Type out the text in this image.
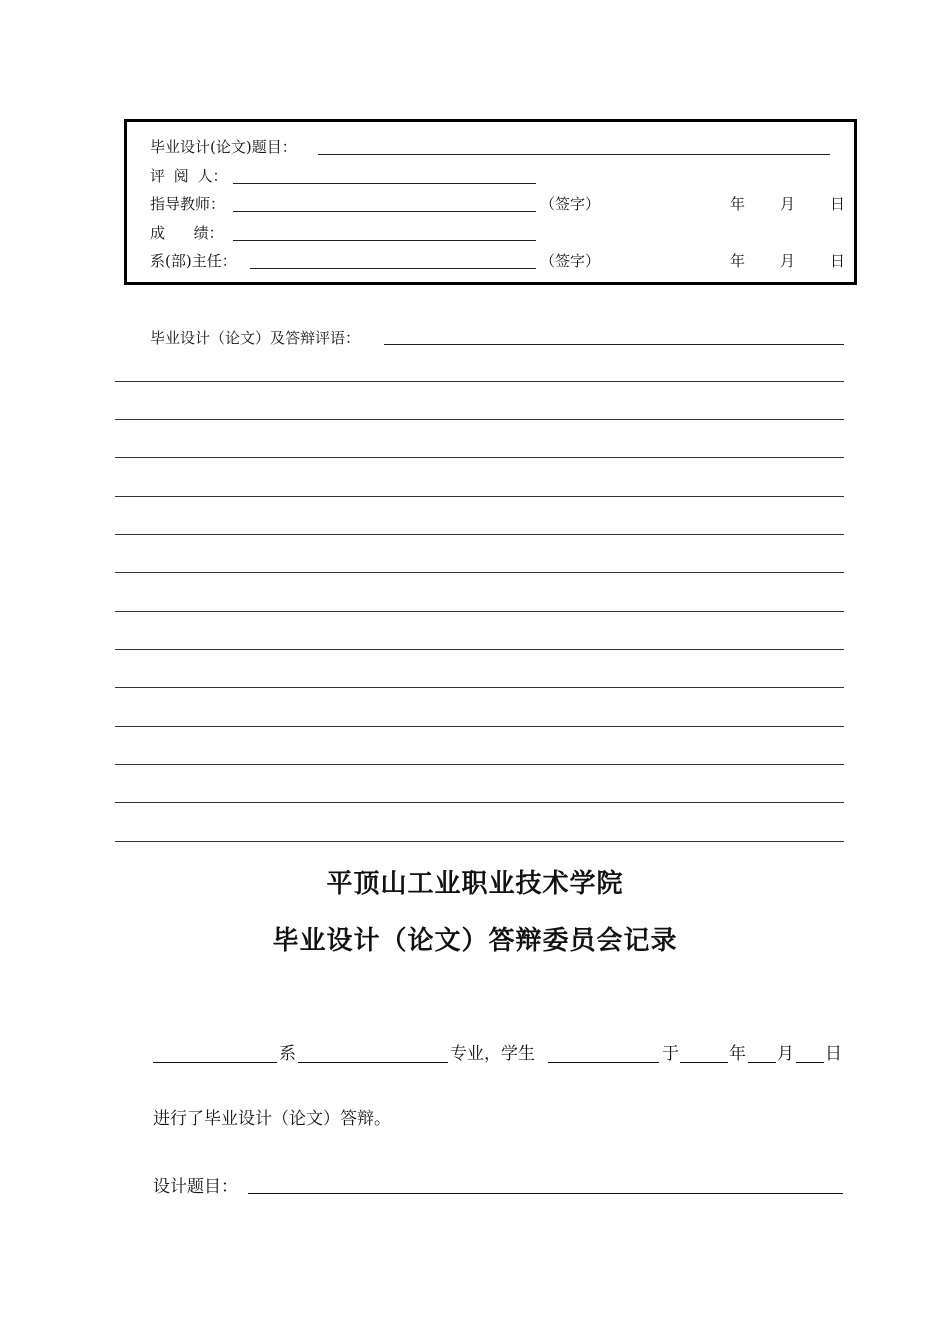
毕业设计(论文)题目：
评 阅 人：
指导教师：	（签字）	年 月 日
成      绩：
系(部)主任：	（签字）	年 月 日
毕业设计（论文）及答辩评语：
平顶山工业职业技术学院
毕业设计（论文）答辩委员会记录
系	专业，学生	于	年 月 日
进行了毕业设计（论文）答辩。
设计题目：
